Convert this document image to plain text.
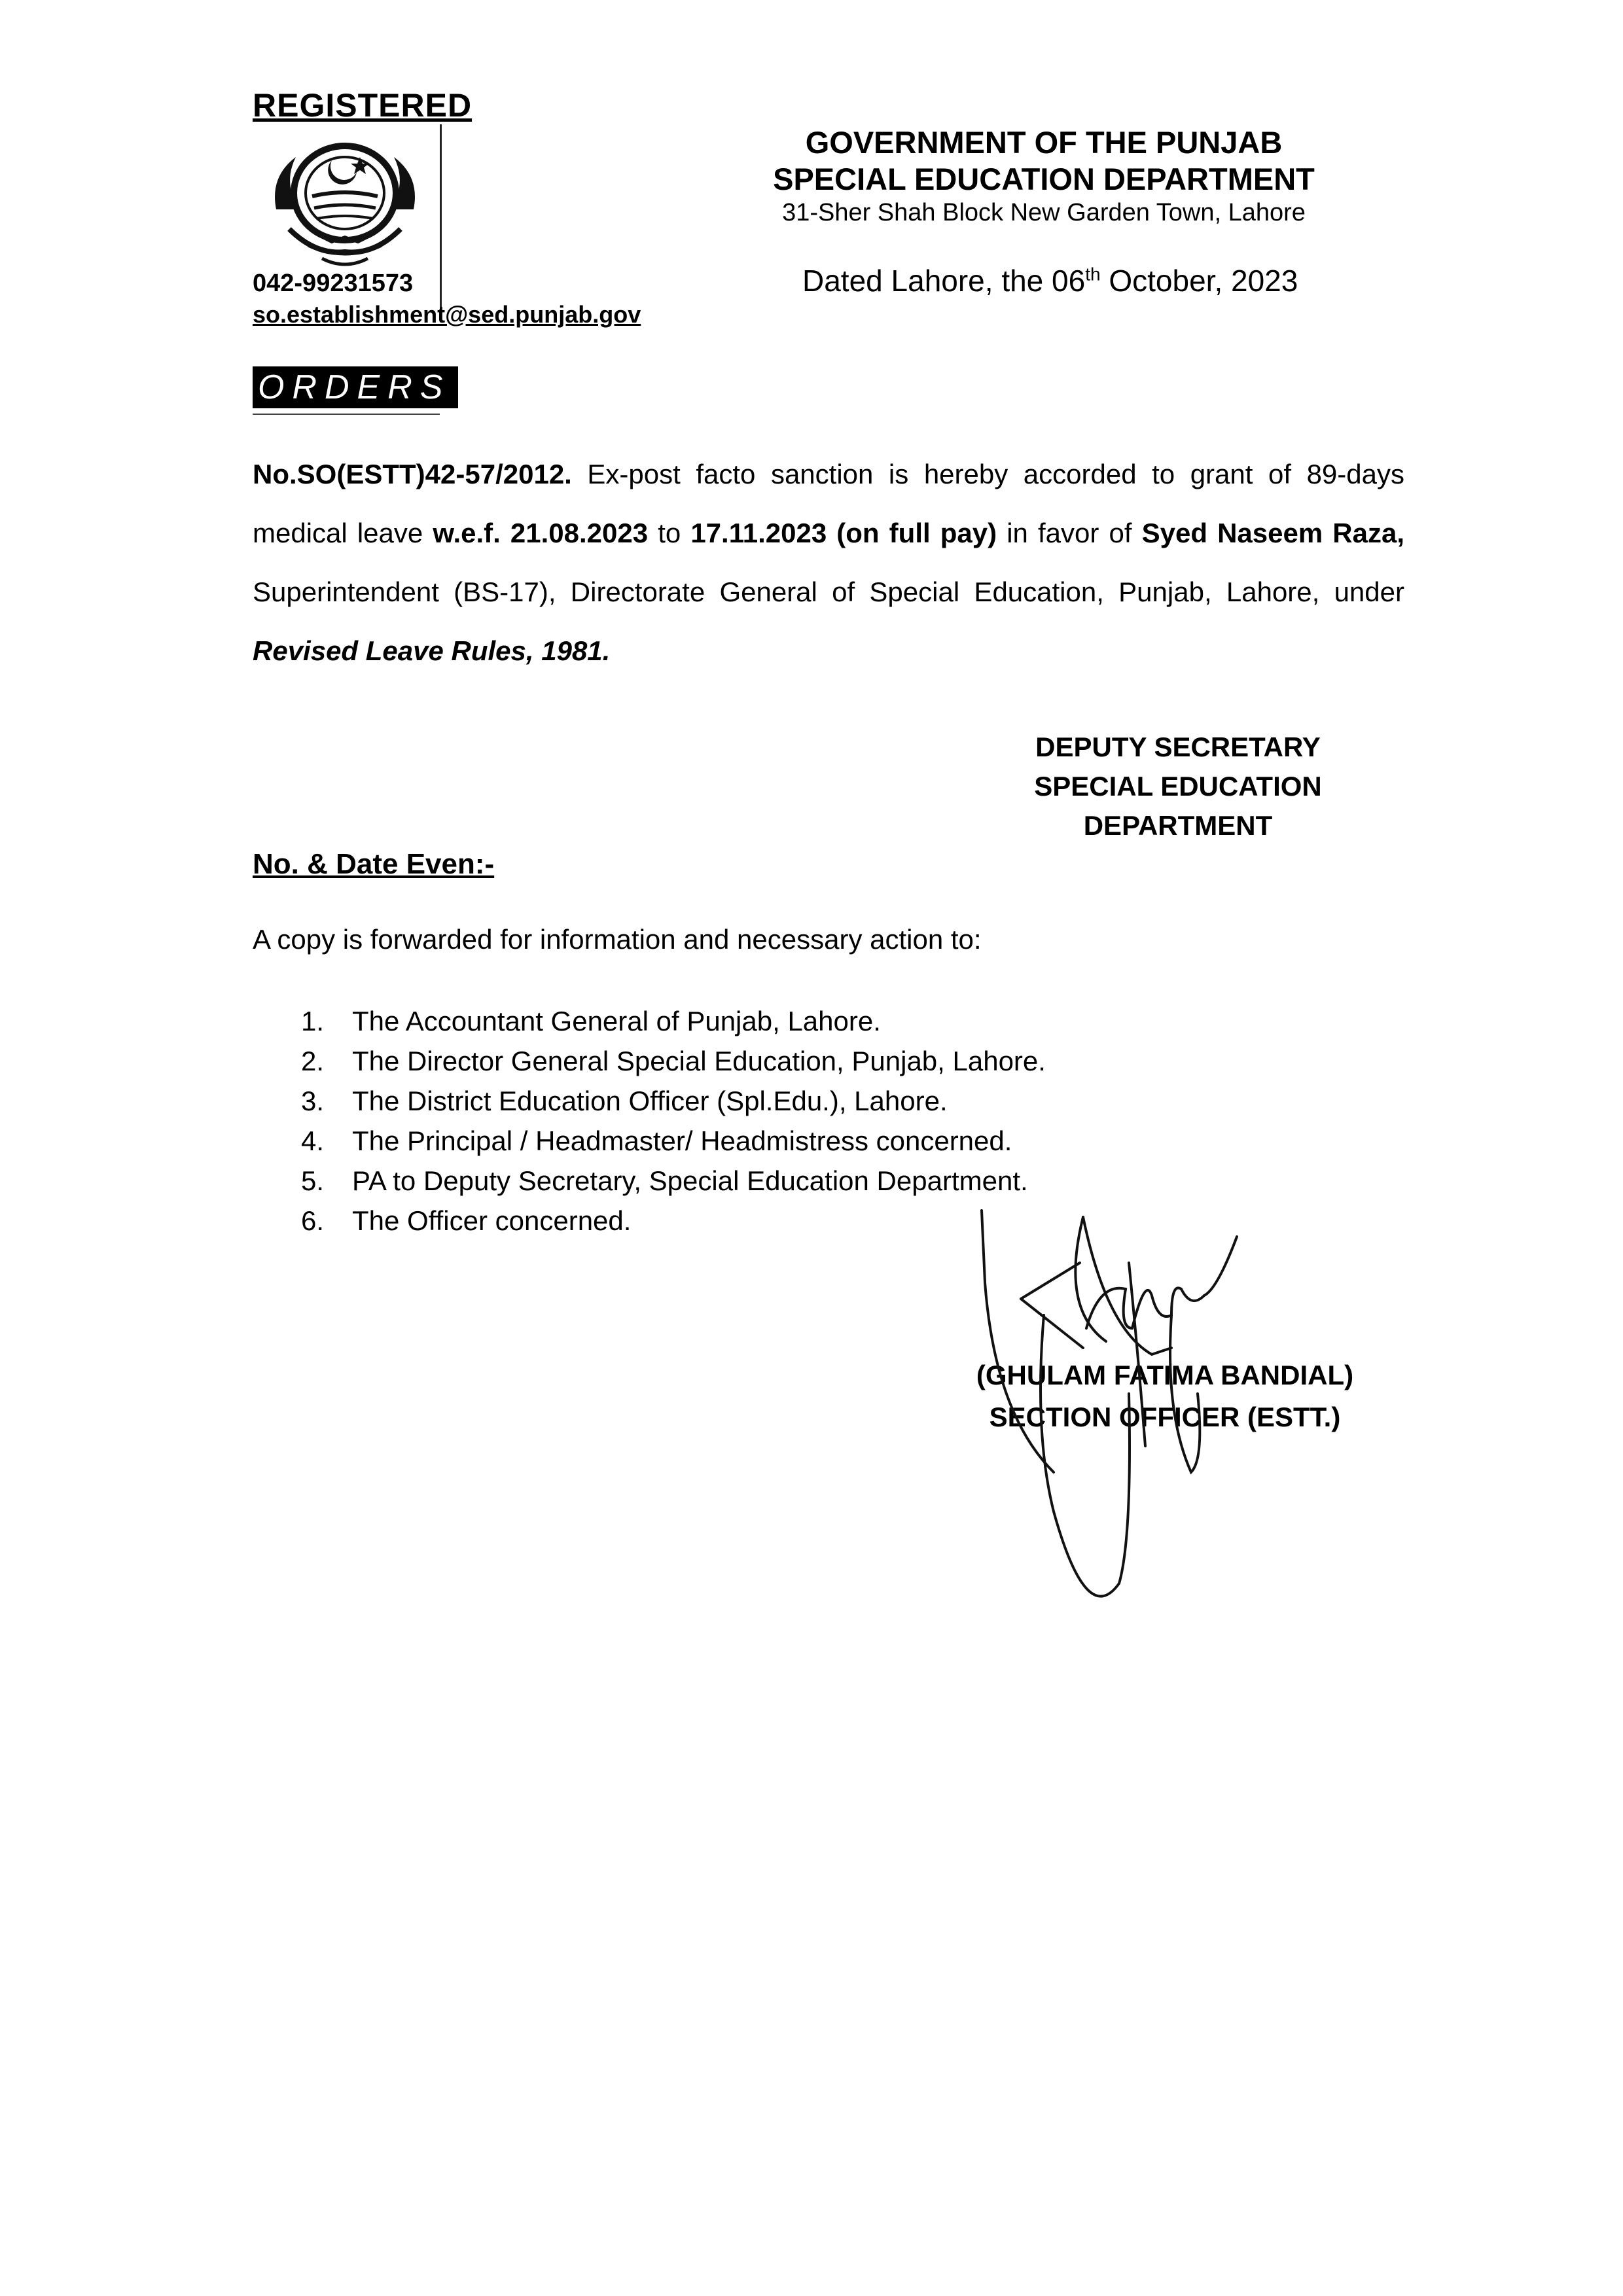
REGISTERED
042-99231573
so.establishment@sed.punjab.gov
GOVERNMENT OF THE PUNJAB
SPECIAL EDUCATION DEPARTMENT
31-Sher Shah Block New Garden Town, Lahore
Dated Lahore, the 06th October, 2023
ORDERS
No.SO(ESTT)42-57/2012. Ex-post facto sanction is hereby accorded to grant of 89-days medical leave w.e.f. 21.08.2023 to 17.11.2023 (on full pay) in favor of Syed Naseem Raza, Superintendent (BS-17), Directorate General of Special Education, Punjab, Lahore, under Revised Leave Rules, 1981.
DEPUTY SECRETARY
SPECIAL EDUCATION
DEPARTMENT
No. & Date Even:-
A copy is forwarded for information and necessary action to:
1. The Accountant General of Punjab, Lahore.
2. The Director General Special Education, Punjab, Lahore.
3. The District Education Officer (Spl.Edu.), Lahore.
4. The Principal / Headmaster/ Headmistress concerned.
5. PA to Deputy Secretary, Special Education Department.
6. The Officer concerned.
(GHULAM FATIMA BANDIAL)
SECTION OFFICER (ESTT.)
